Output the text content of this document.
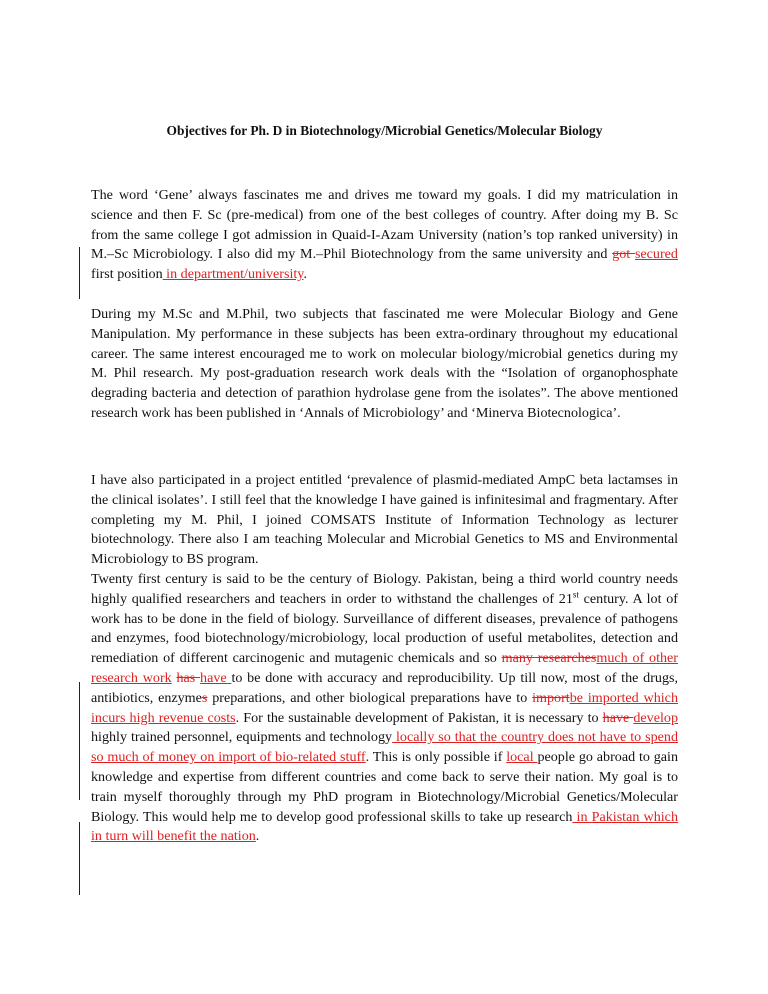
Objectives for Ph. D in Biotechnology/Microbial Genetics/Molecular Biology

The word ‘Gene’ always fascinates me and drives me toward my goals. I did my matriculation in science and then F. Sc (pre-medical) from one of the best colleges of country. After doing my B. Sc from the same college I got admission in Quaid-I-Azam University (nation’s top ranked university) in M.–Sc Microbiology. I also did my M.–Phil Biotechnology from the same university and got secured first position in department/university.

During my M.Sc and M.Phil, two subjects that fascinated me were Molecular Biology and Gene Manipulation. My performance in these subjects has been extra-ordinary throughout my educational career. The same interest encouraged me to work on molecular biology/microbial genetics during my M. Phil research. My post-graduation research work deals with the “Isolation of organophosphate degrading bacteria and detection of parathion hydrolase gene from the isolates”. The above mentioned research work has been published in ‘Annals of Microbiology’ and ‘Minerva Biotecnologica’.

I have also participated in a project entitled ‘prevalence of plasmid-mediated AmpC beta lactamses in the clinical isolates’. I still feel that the knowledge I have gained is infinitesimal and fragmentary. After completing my M. Phil, I joined COMSATS Institute of Information Technology as lecturer biotechnology. There also I am teaching Molecular and Microbial Genetics to MS and Environmental Microbiology to BS program.

Twenty first century is said to be the century of Biology. Pakistan, being a third world country needs highly qualified researchers and teachers in order to withstand the challenges of 21st century. A lot of work has to be done in the field of biology. Surveillance of different diseases, prevalence of pathogens and enzymes, food biotechnology/microbiology, local production of useful metabolites, detection and remediation of different carcinogenic and mutagenic chemicals and so many researchesmuch of other research work has have to be done with accuracy and reproducibility. Up till now, most of the drugs, antibiotics, enzymes preparations, and other biological preparations have to importbe imported which incurs high revenue costs. For the sustainable development of Pakistan, it is necessary to have develop highly trained personnel, equipments and technology locally so that the country does not have to spend so much of money on import of bio-related stuff. This is only possible if local people go abroad to gain knowledge and expertise from different countries and come back to serve their nation. My goal is to train myself thoroughly through my PhD program in Biotechnology/Microbial Genetics/Molecular Biology. This would help me to develop good professional skills to take up research in Pakistan which in turn will benefit the nation.
